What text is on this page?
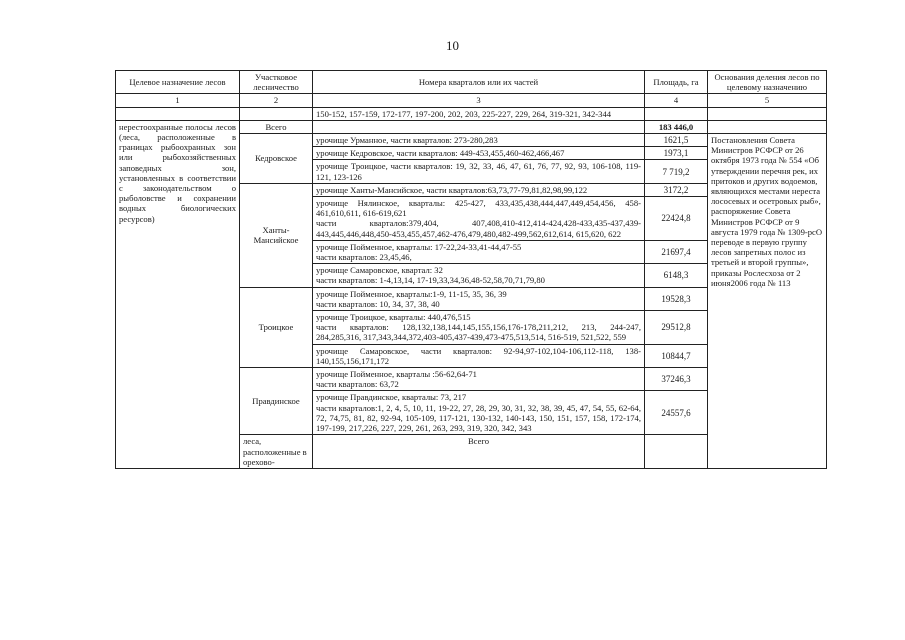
10
Целевое назначение лесов	Участковое лесничество	Номера кварталов или их частей	Площадь, га	Основания деления лесов по целевому назначению	
1	2	3	4	5	
		150-152, 157-159, 172-177, 197-200, 202, 203, 225-227, 229, 264, 319-321, 342-344			
нерестоохранные полосы лесов (леса, расположенные в границах рыбоохранных зон или рыбохозяйственных заповедных зон, установленных в соответствии с законодательством о рыболовстве и сохранении водных биологических ресурсов)	Всего		183 446,0		
	Кедровское	урочище Урманное, части кварталов: 273-280,283	1621,5	Постановления Совета Министров РСФСР от 26 октября 1973 года № 554 «Об утверждении перечня рек, их притоков и других водоемов, являющихся местами нереста лососевых и осетровых рыб», распоряжение Совета Министров РСФСР от 9 августа 1979 года № 1309-рсО переводе в первую группу лесов запретных полос из третьей и второй группы», приказы Рослесхоза от 2 июня2006 года № 113	
		урочище Кедровское, части кварталов: 449-453,455,460-462,466,467	1973,1		
		урочище Троицкое, части кварталов: 19, 32, 33, 46, 47, 61, 76, 77, 92, 93, 106-108, 119-121, 123-126	7 719,2		
	Ханты-Мансийское	урочище Ханты-Мансийское, части кварталов:63,73,77-79,81,82,98,99,122	3172,2		

		урочище Нялинское, кварталы: 425-427, 433,435,438,444,447,449,454,456, 458-461,610,611, 616-619,621
части кварталов:379,404, 407,408,410-412,414-424,428-433,435-437,439-443,445,446,448,450-453,455,457,462-476,479,480,482-499,562,612,614, 615,620, 622	22424,8		

		урочище Пойменное, кварталы: 17-22,24-33,41-44,47-55
части кварталов: 23,45,46,	21697,4		

		урочище Самаровское, квартал: 32
части кварталов: 1-4,13,14, 17-19,33,34,36,48-52,58,70,71,79,80	6148,3		
	Троицкое	урочище Пойменное, кварталы:1-9, 11-15, 35, 36, 39
части кварталов: 10, 34, 37, 38, 40	19528,3		

		урочище Троицкое, кварталы: 440,476,515
части кварталов: 128,132,138,144,145,155,156,176-178,211,212, 213, 244-247, 284,285,316, 317,343,344,372,403-405,437-439,473-475,513,514, 516-519, 521,522, 559	29512,8		
		урочище Самаровское, части кварталов: 92-94,97-102,104-106,112-118, 138-140,155,156,171,172	10844,7		
	Правдинское	урочище Пойменное, кварталы :56-62,64-71
части кварталов: 63,72	37246,3		

		урочище Правдинское, кварталы: 73, 217
части кварталов:1, 2, 4, 5, 10, 11, 19-22, 27, 28, 29, 30, 31, 32, 38, 39, 45, 47, 54, 55, 62-64, 72, 74,75, 81, 82, 92-94, 105-109, 117-121, 130-132, 140-143, 150, 151, 157, 158, 172-174, 197-199, 217,226, 227, 229, 261, 263, 293, 319, 320, 342, 343	24557,6		
	леса, расположенные в орехово-	Всего			
